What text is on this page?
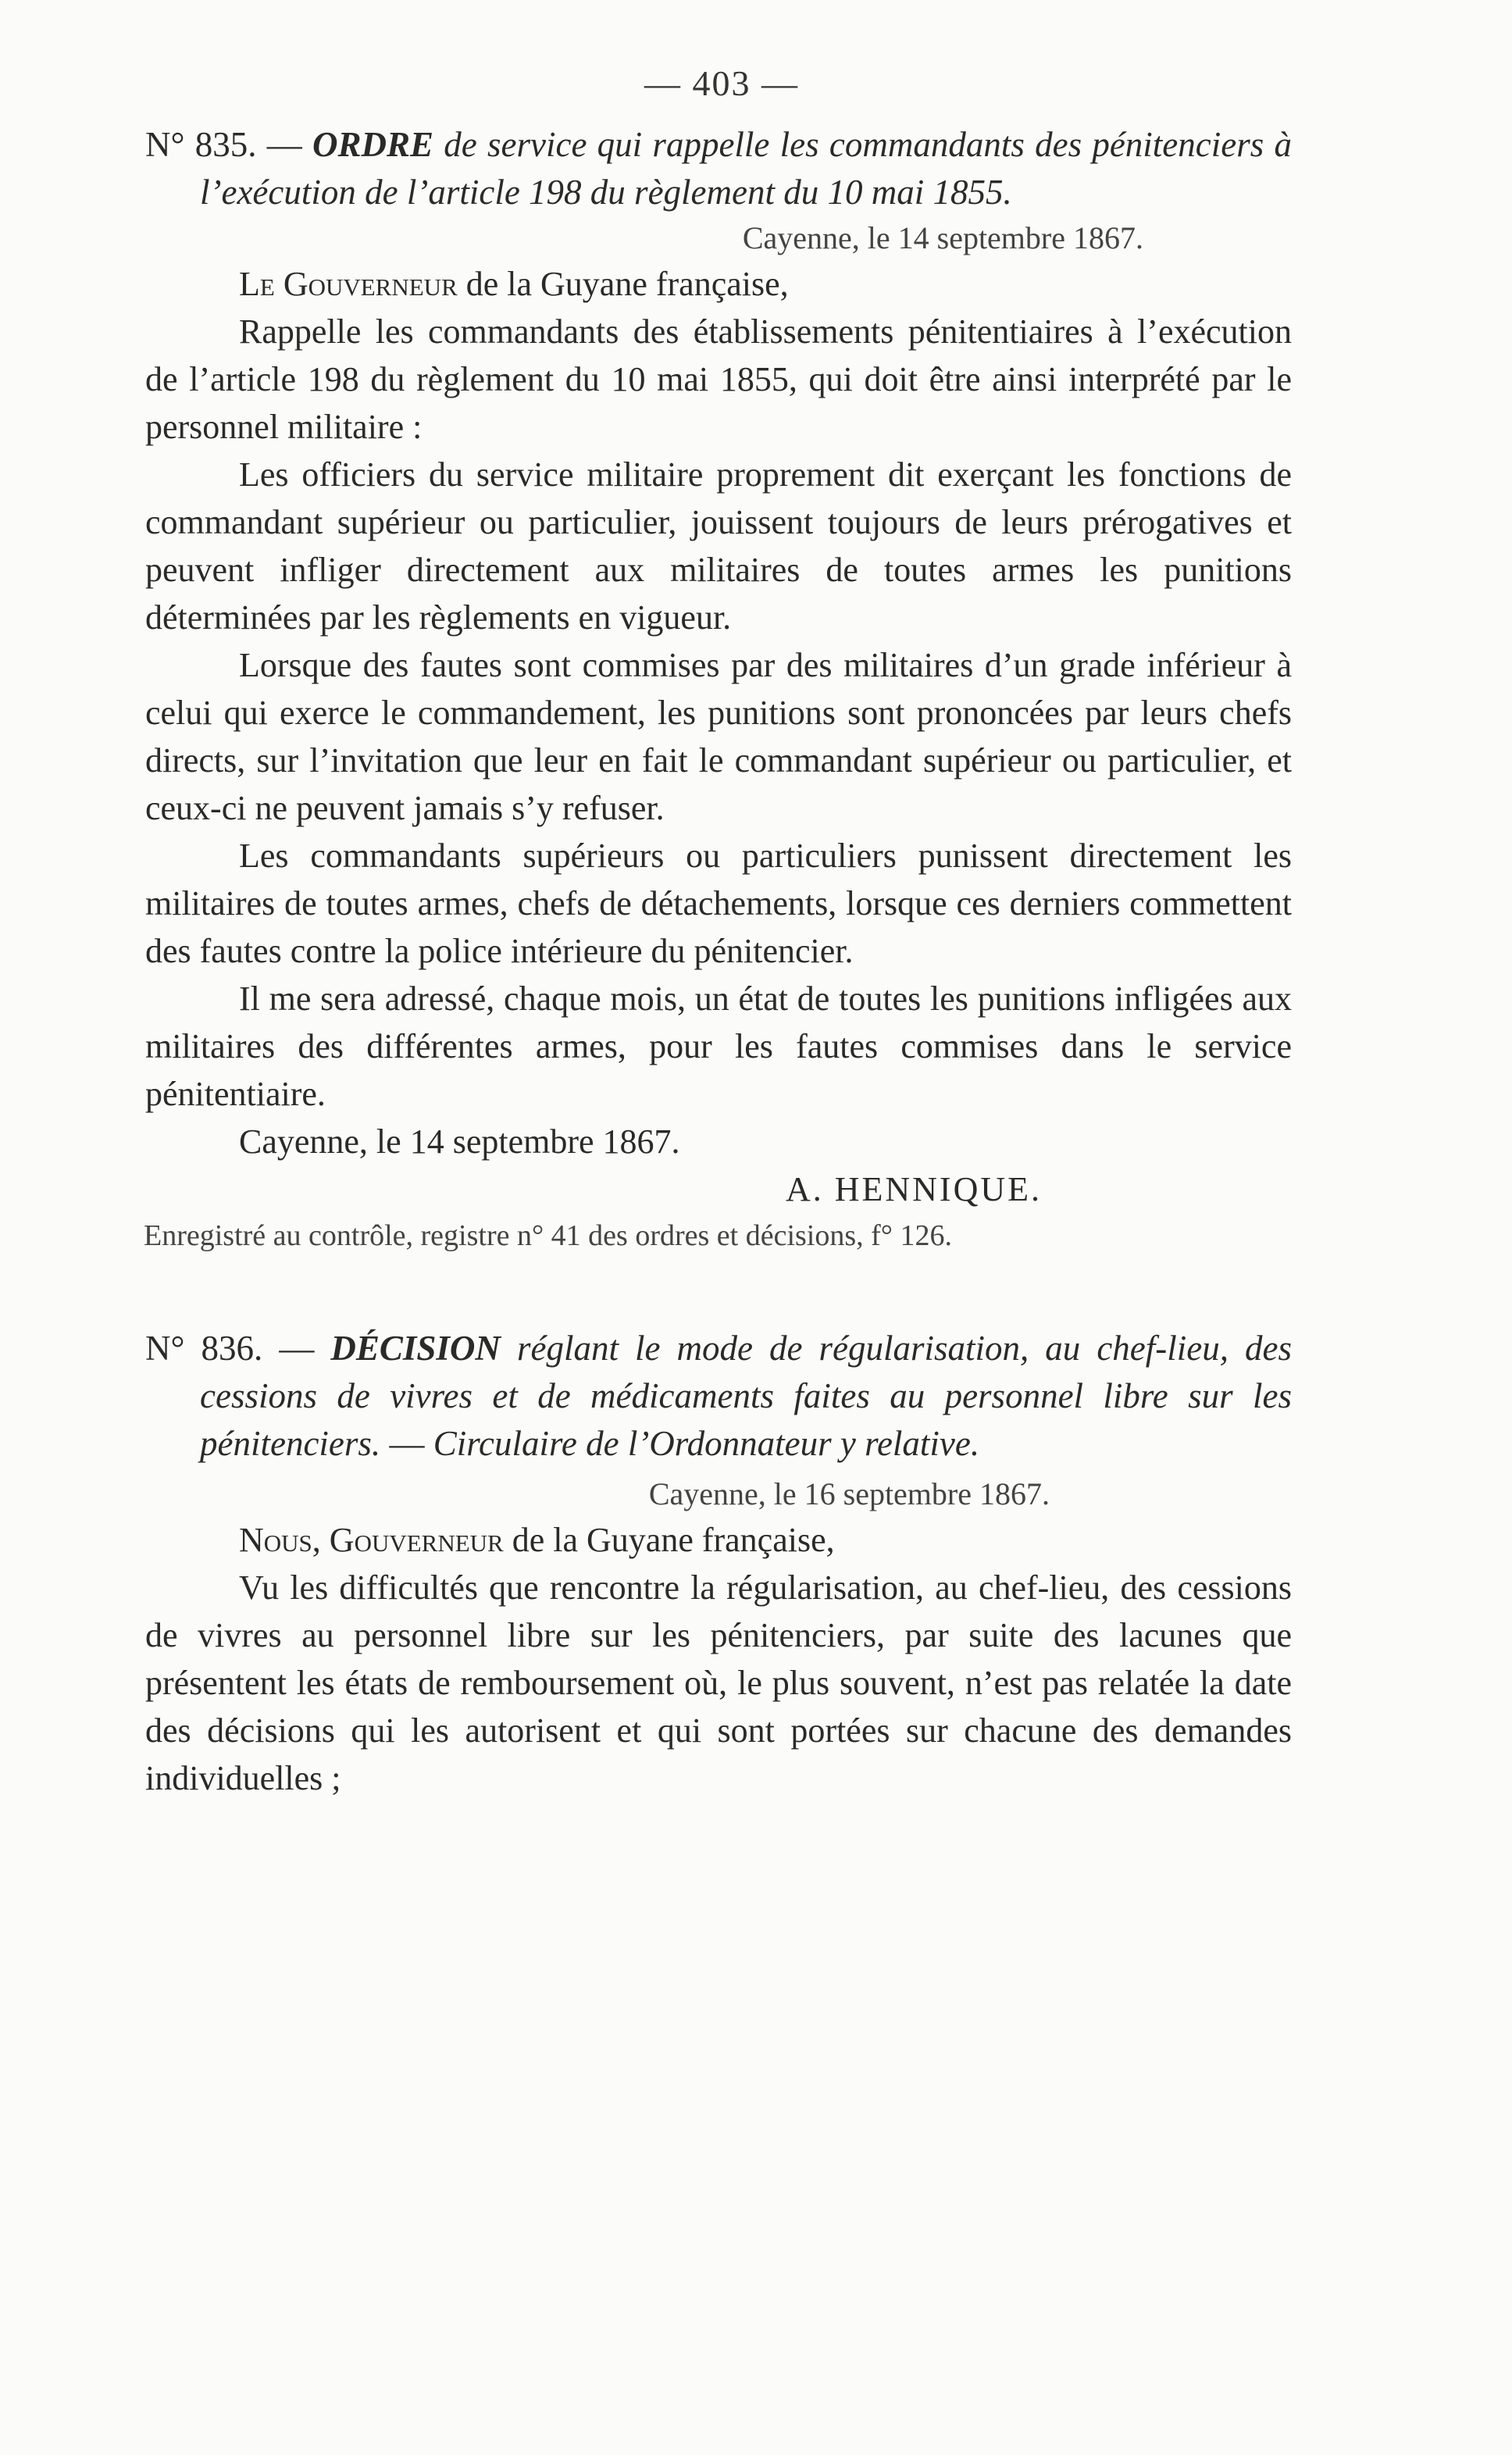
— 403 —
N° 835. — ORDRE de service qui rappelle les commandants des pénitenciers à l’exécution de l’article 198 du règlement du 10 mai 1855.
Cayenne, le 14 septembre 1867.
Le Gouverneur de la Guyane française,
Rappelle les commandants des établissements pénitentiaires à l’exécution de l’article 198 du règlement du 10 mai 1855, qui doit être ainsi interprété par le personnel militaire :
Les officiers du service militaire proprement dit exerçant les fonctions de commandant supérieur ou particulier, jouissent toujours de leurs prérogatives et peuvent infliger directement aux militaires de toutes armes les punitions déterminées par les règlements en vigueur.
Lorsque des fautes sont commises par des militaires d’un grade inférieur à celui qui exerce le commandement, les punitions sont prononcées par leurs chefs directs, sur l’invitation que leur en fait le commandant supérieur ou particulier, et ceux-ci ne peuvent jamais s’y refuser.
Les commandants supérieurs ou particuliers punissent directement les militaires de toutes armes, chefs de détachements, lorsque ces derniers commettent des fautes contre la police intérieure du pénitencier.
Il me sera adressé, chaque mois, un état de toutes les punitions infligées aux militaires des différentes armes, pour les fautes commises dans le service pénitentiaire.
Cayenne, le 14 septembre 1867.
A. HENNIQUE.
Enregistré au contrôle, registre n° 41 des ordres et décisions, f° 126.
N° 836. — DÉCISION réglant le mode de régularisation, au chef-lieu, des cessions de vivres et de médicaments faites au personnel libre sur les pénitenciers. — Circulaire de l’Ordonnateur y relative.
Cayenne, le 16 septembre 1867.
Nous, Gouverneur de la Guyane française,
Vu les difficultés que rencontre la régularisation, au chef-lieu, des cessions de vivres au personnel libre sur les pénitenciers, par suite des lacunes que présentent les états de remboursement où, le plus souvent, n’est pas relatée la date des décisions qui les autorisent et qui sont portées sur chacune des demandes individuelles ;
